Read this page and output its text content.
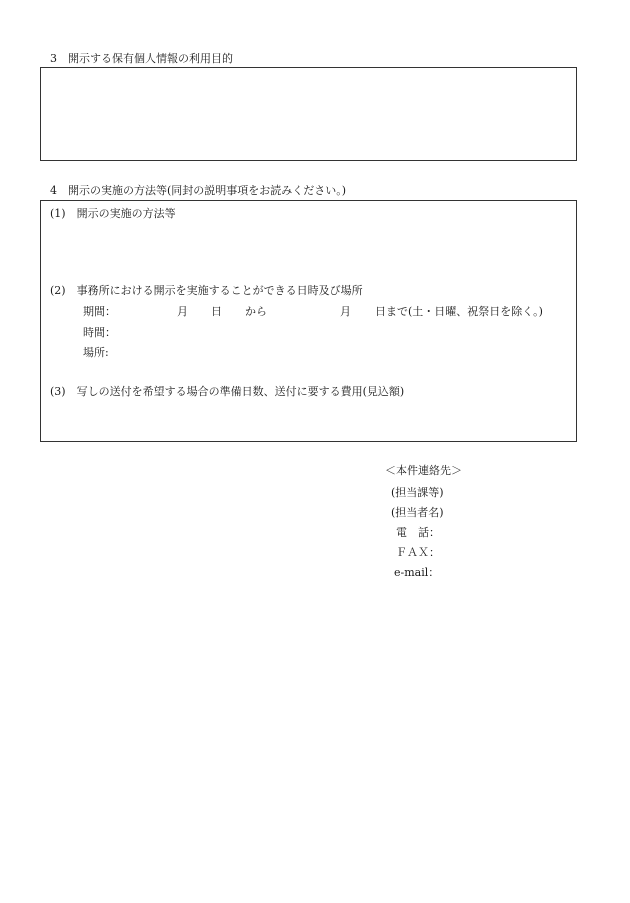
3　開示する保有個人情報の利用目的
4　開示の実施の方法等(同封の説明事項をお読みください。)
(1)　開示の実施の方法等
(2)　事務所における開示を実施することができる日時及び場所
期間：	月 日 から	月 日まで(土・日曜、祝祭日を除く。)
時間：
場所:
(3)　写しの送付を希望する場合の準備日数、送付に要する費用(見込額)
＜本件連絡先＞
(担当課等)
(担当者名)
電　話：
ＦＡＸ：
e-mail：
